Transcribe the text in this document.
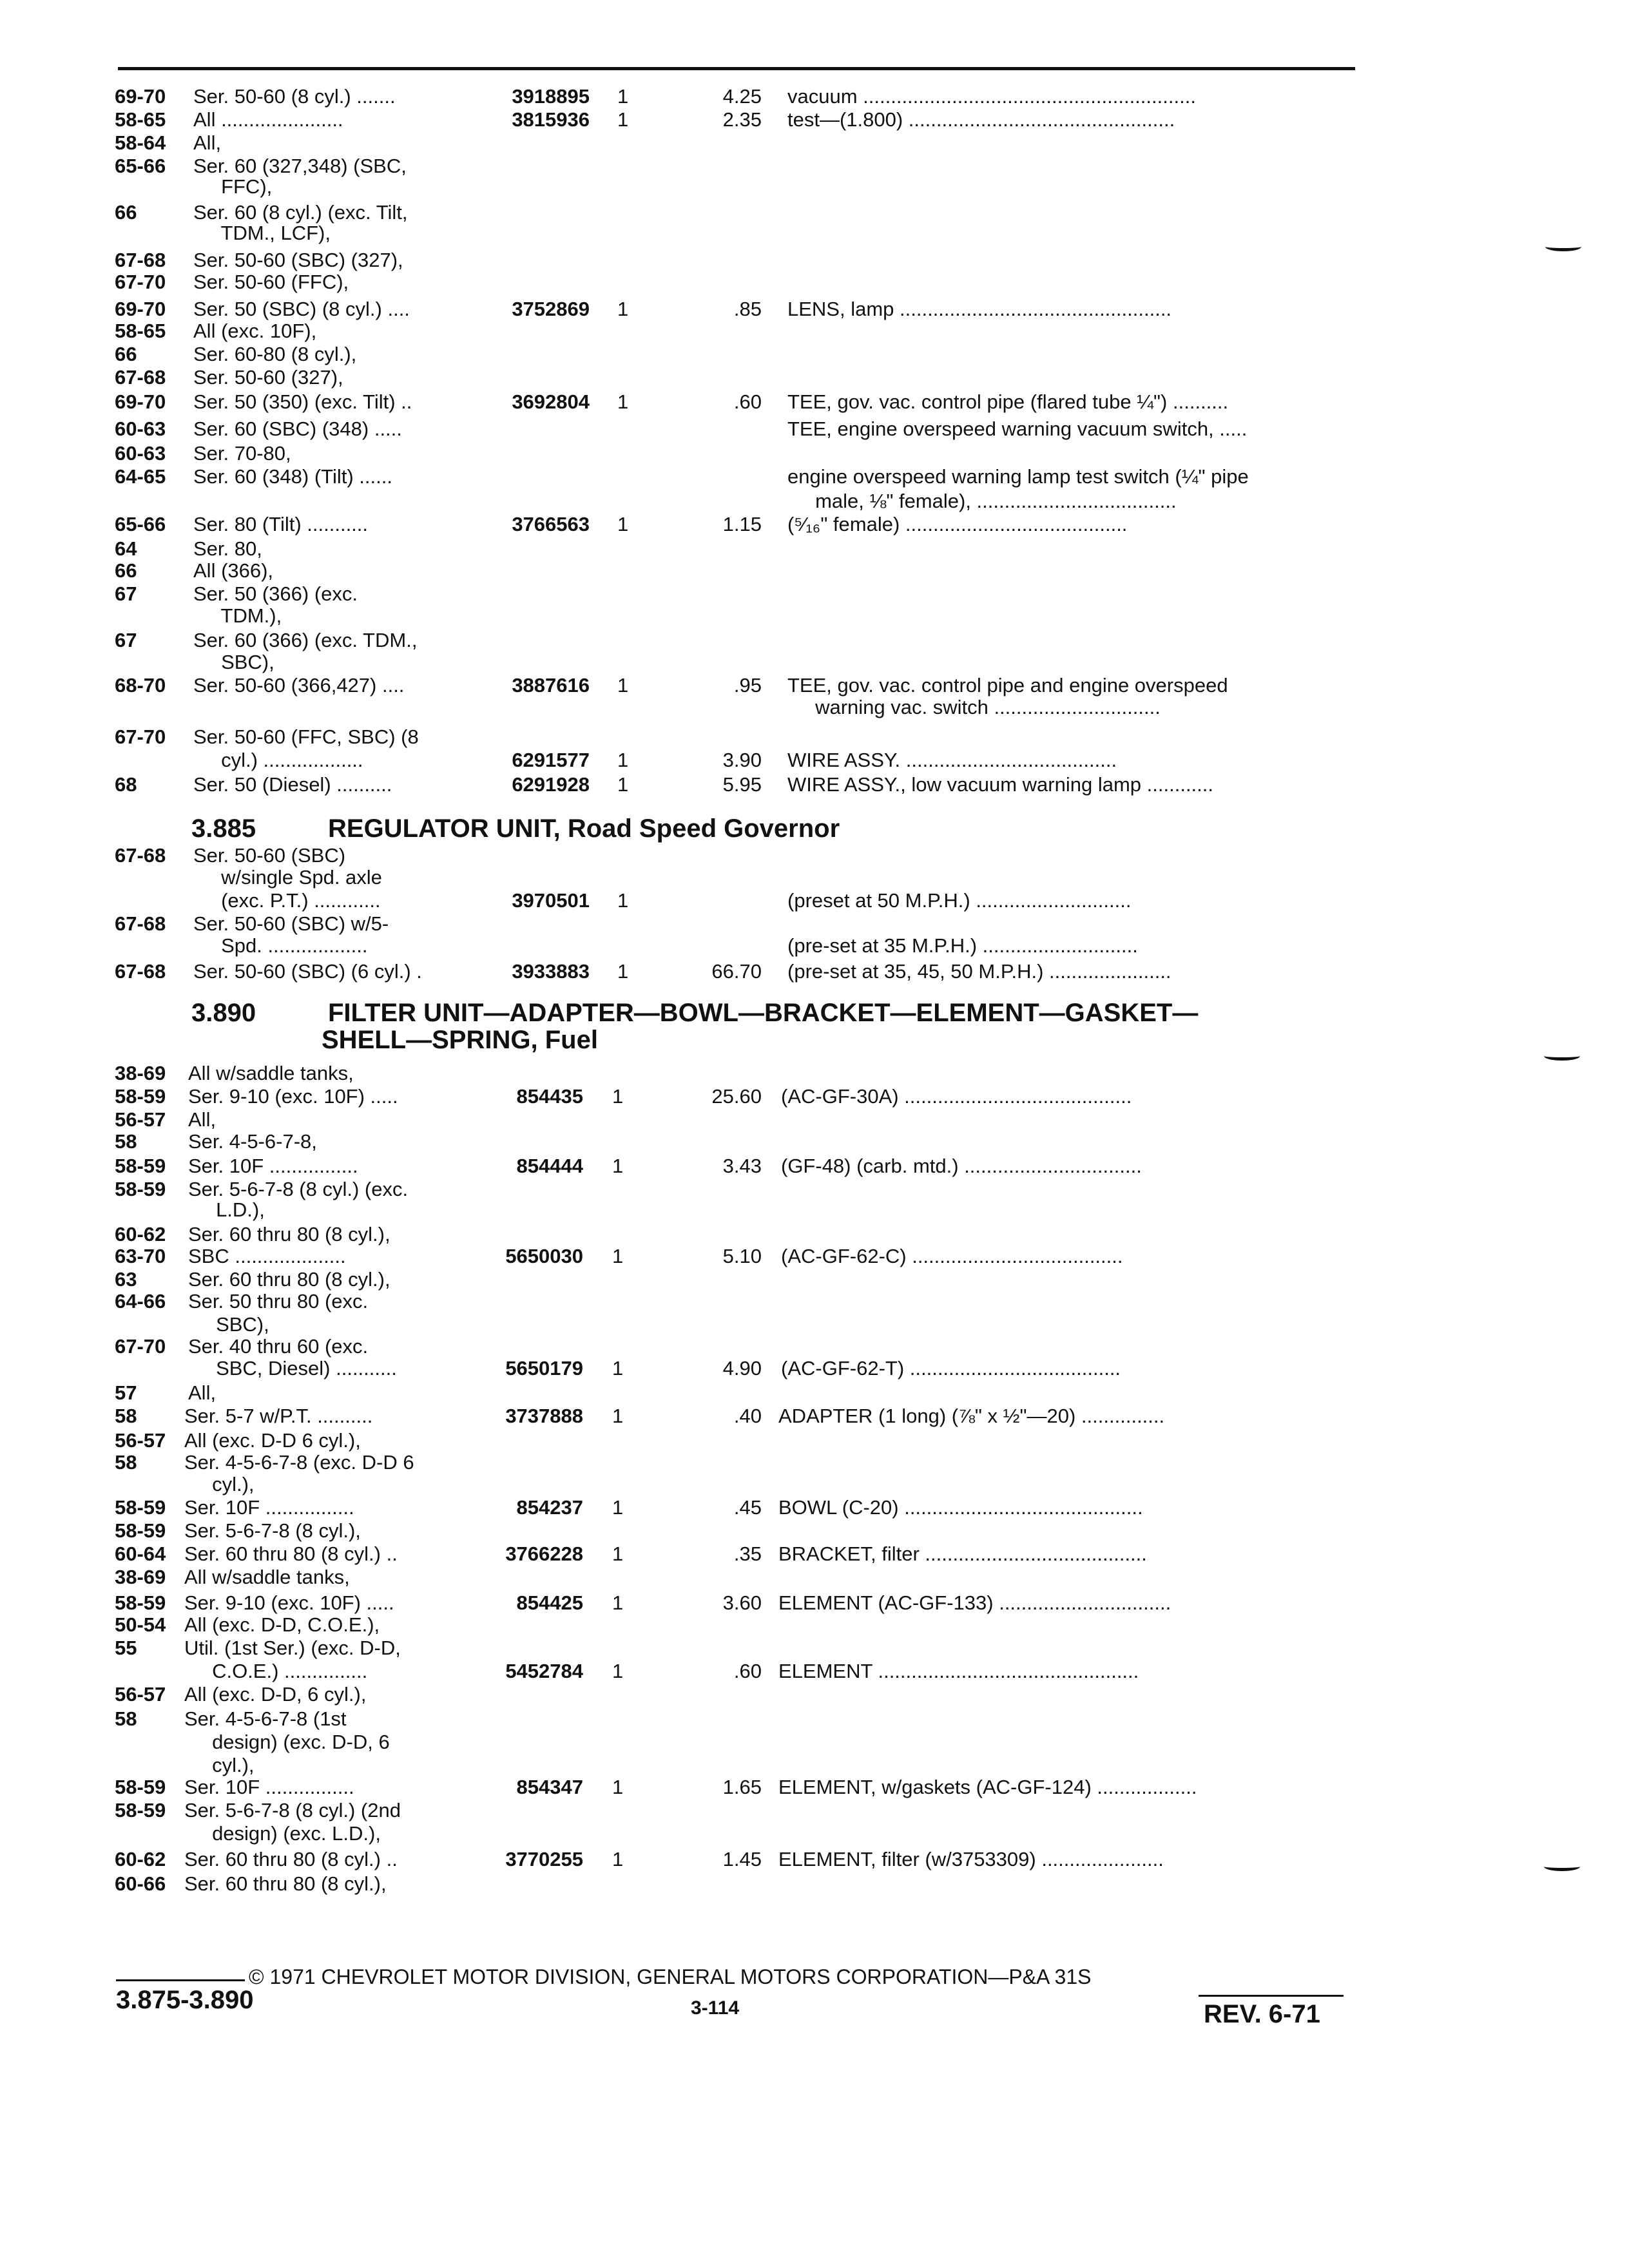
69-70 Ser. 50-60 (8 cyl.) .......	3918895 1	4.25 vacuum ............................................................
58-65 All ......................	3815936 1	2.35 test—(1.800) ................................................
58-64 All,
65-66 Ser. 60 (327,348) (SBC,
FFC),
66	Ser. 60 (8 cyl.) (exc. Tilt,
TDM., LCF),
67-68 Ser. 50-60 (SBC) (327),
67-70 Ser. 50-60 (FFC),
69-70 Ser. 50 (SBC) (8 cyl.) ....	3752869 1	.85 LENS, lamp .................................................
58-65 All (exc. 10F),
66	Ser. 60-80 (8 cyl.),
67-68 Ser. 50-60 (327),
69-70 Ser. 50 (350) (exc. Tilt) ..	3692804 1	.60 TEE, gov. vac. control pipe (flared tube ¼") ..........
60-63 Ser. 60 (SBC) (348) .....	TEE, engine overspeed warning vacuum switch, .....
60-63 Ser. 70-80,
64-65 Ser. 60 (348) (Tilt) ......	engine overspeed warning lamp test switch (¼" pipe
male, ⅛" female), ....................................
65-66 Ser. 80 (Tilt) ...........	3766563 1	1.15 (⁵⁄₁₆" female) ........................................
64	Ser. 80,
66	All (366),
67	Ser. 50 (366) (exc.
TDM.),
67	Ser. 60 (366) (exc. TDM.,
SBC),
68-70 Ser. 50-60 (366,427) ....	3887616 1	.95 TEE, gov. vac. control pipe and engine overspeed
warning vac. switch ..............................
67-70 Ser. 50-60 (FFC, SBC) (8
cyl.) ..................	6291577 1	3.90 WIRE ASSY. ......................................
68	Ser. 50 (Diesel) ..........	6291928 1	5.95 WIRE ASSY., low vacuum warning lamp ............
67-68 Ser. 50-60 (SBC)
w/single Spd. axle
(exc. P.T.) ............	3970501 1	(preset at 50 M.P.H.) ............................
67-68 Ser. 50-60 (SBC) w/5-
Spd. ..................	(pre-set at 35 M.P.H.) ............................
67-68 Ser. 50-60 (SBC) (6 cyl.) .	3933883 1	66.70 (pre-set at 35, 45, 50 M.P.H.) ......................
38-69 All w/saddle tanks,
58-59 Ser. 9-10 (exc. 10F) .....	854435 1	25.60 (AC-GF-30A) .........................................
56-57 All,
58	Ser. 4-5-6-7-8,
58-59 Ser. 10F ................	854444 1	3.43 (GF-48) (carb. mtd.) ................................
58-59 Ser. 5-6-7-8 (8 cyl.) (exc.
L.D.),
60-62 Ser. 60 thru 80 (8 cyl.),
63-70 SBC ....................	5650030 1	5.10 (AC-GF-62-C) ......................................
63	Ser. 60 thru 80 (8 cyl.),
64-66 Ser. 50 thru 80 (exc.
SBC),
67-70 Ser. 40 thru 60 (exc.
SBC, Diesel) ...........	5650179 1	4.90 (AC-GF-62-T) ......................................
57	All,
58 Ser. 5-7 w/P.T. ..........	3737888 1	.40 ADAPTER (1 long) (⅞" x ½"—20) ...............
56-57 All (exc. D-D 6 cyl.),
58 Ser. 4-5-6-7-8 (exc. D-D 6
cyl.),
58-59 Ser. 10F ................	854237 1	.45 BOWL (C-20) ...........................................
58-59 Ser. 5-6-7-8 (8 cyl.),
60-64 Ser. 60 thru 80 (8 cyl.) ..	3766228 1	.35 BRACKET, filter ........................................
38-69 All w/saddle tanks,
58-59 Ser. 9-10 (exc. 10F) .....	854425 1	3.60 ELEMENT (AC-GF-133) ...............................
50-54 All (exc. D-D, C.O.E.),
55 Util. (1st Ser.) (exc. D-D,
C.O.E.) ...............	5452784 1	.60 ELEMENT ...............................................
56-57 All (exc. D-D, 6 cyl.),
58 Ser. 4-5-6-7-8 (1st
design) (exc. D-D, 6
cyl.),
58-59 Ser. 10F ................	854347 1	1.65 ELEMENT, w/gaskets (AC-GF-124) ..................
58-59 Ser. 5-6-7-8 (8 cyl.) (2nd
design) (exc. L.D.),
60-62 Ser. 60 thru 80 (8 cyl.) ..	3770255 1	1.45 ELEMENT, filter (w/3753309) ......................
60-66 Ser. 60 thru 80 (8 cyl.),
3.885	REGULATOR UNIT, Road Speed Governor
3.890	FILTER UNIT—ADAPTER—BOWL—BRACKET—ELEMENT—GASKET—
SHELL—SPRING, Fuel
© 1971 CHEVROLET MOTOR DIVISION, GENERAL MOTORS CORPORATION—P&A 31S
3.875-3.890	3-114	REV. 6-71
